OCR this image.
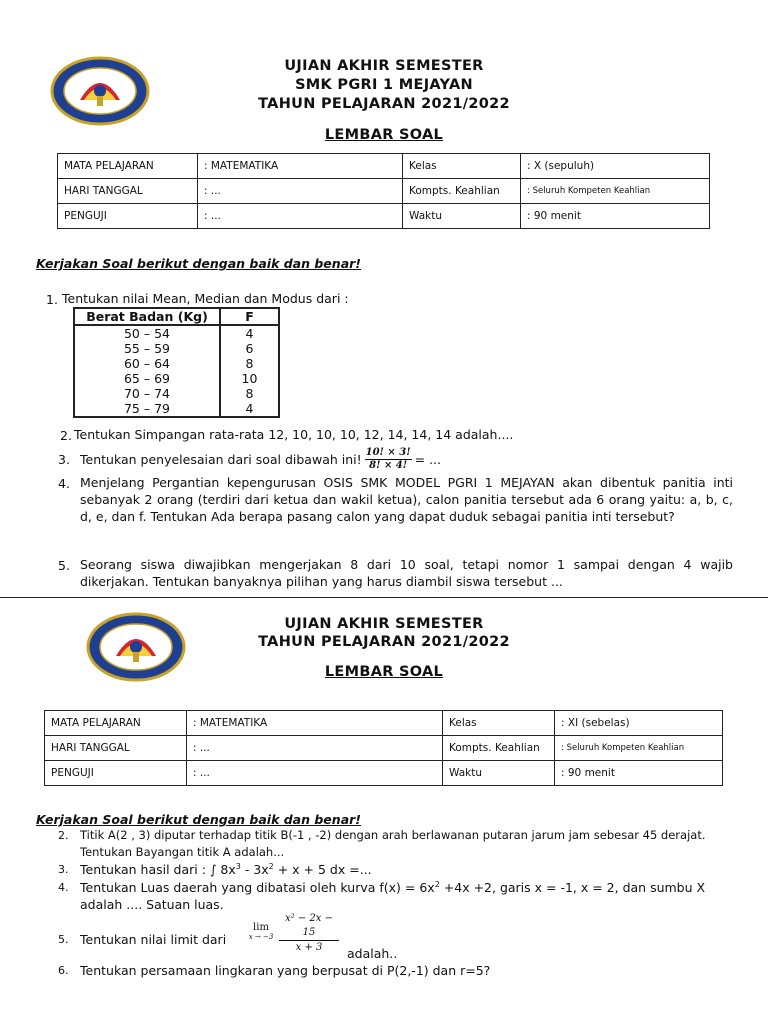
UJIAN AKHIR SEMESTER
SMK PGRI 1 MEJAYAN
TAHUN PELAJARAN 2021/2022
LEMBAR SOAL
MATA PELAJARAN	: MATEMATIKA	Kelas	: X (sepuluh)
HARI TANGGAL	: ...	Kompts. Keahlian	: Seluruh Kompeten Keahlian
PENGUJI	: ...	Waktu	: 90 menit
Kerjakan Soal berikut dengan baik dan benar!
1. Tentukan nilai Mean, Median dan Modus dari :
Berat Badan (Kg)	F
50 – 54	4
55 – 59	6
60 – 64	8
65 – 69	10
70 – 74	8
75 – 79	4
2. Tentukan Simpangan rata-rata 12, 10, 10, 10, 12, 14, 14, 14 adalah....
3. Tentukan penyelesaian dari soal dibawah ini! $\frac{10! \times 3!}{8! \times 4!}$ = ...
4. Menjelang Pergantian kepengurusan OSIS SMK MODEL PGRI 1 MEJAYAN akan dibentuk panitia inti sebanyak 2 orang (terdiri dari ketua dan wakil ketua), calon panitia tersebut ada 6 orang yaitu: a, b, c, d, e, dan f. Tentukan Ada berapa pasang calon yang dapat duduk sebagai panitia inti tersebut?
5. Seorang siswa diwajibkan mengerjakan 8 dari 10 soal, tetapi nomor 1 sampai dengan 4 wajib dikerjakan. Tentukan banyaknya pilihan yang harus diambil siswa tersebut ...
UJIAN AKHIR SEMESTER
TAHUN PELAJARAN 2021/2022
LEMBAR SOAL
MATA PELAJARAN	: MATEMATIKA	Kelas	: XI (sebelas)
HARI TANGGAL	: ...	Kompts. Keahlian	: Seluruh Kompeten Keahlian
PENGUJI	: ...	Waktu	: 90 menit
Kerjakan Soal berikut dengan baik dan benar!
2. Titik A(2 , 3) diputar terhadap titik B(-1 , -2) dengan arah berlawanan putaran jarum jam sebesar 45 derajat. Tentukan Bayangan titik A adalah...
3. Tentukan hasil dari : ∫ $8x^3 - 3x^2 + x + 5$ dx =...
4. Tentukan Luas daerah yang dibatasi oleh kurva $f(x) = 6x^2 +4x +2$, garis x = -1, x = 2, dan sumbu X adalah .... Satuan luas.
5. Tentukan nilai limit dari
lim
$x \to -3 \frac{\text{x² − 2x − 15}}{x + 3}$ adalah..
6. Tentukan persamaan lingkaran yang berpusat di P(2,-1) dan r=5?
